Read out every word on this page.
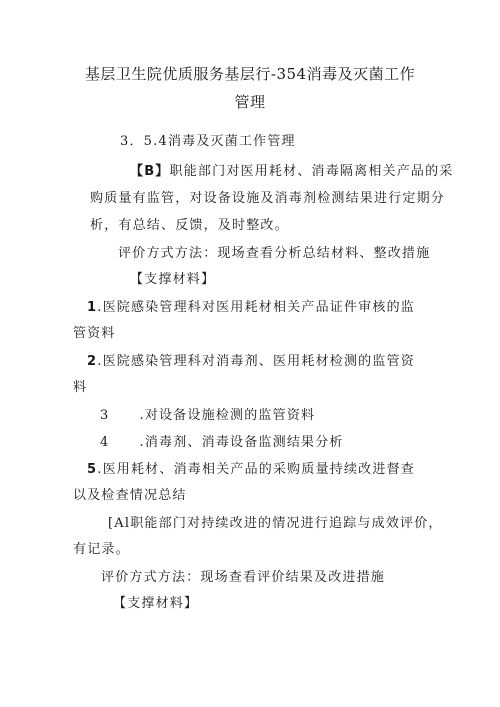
基层卫生院优质服务基层行-354消毒及灭菌工作
管理
3．5.4消毒及灭菌工作管理
【B】职能部门对医用耗材、消毒隔离相关产品的采
购质量有监管，对设备设施及消毒剂检测结果进行定期分
析，有总结、反馈，及时整改。
评价方式方法：现场查看分析总结材料、整改措施
【支撑材料】
1.医院感染管理科对医用耗材相关产品证件审核的监
管资料
2.医院感染管理科对消毒剂、医用耗材检测的监管资
料
3 .对设备设施检测的监管资料
4 .消毒剂、消毒设备监测结果分析
5.医用耗材、消毒相关产品的采购质量持续改进督查
以及检查情况总结
[Al职能部门对持续改进的情况进行追踪与成效评价，
有记录。
评价方式方法：现场查看评价结果及改进措施
【支撑材料】
